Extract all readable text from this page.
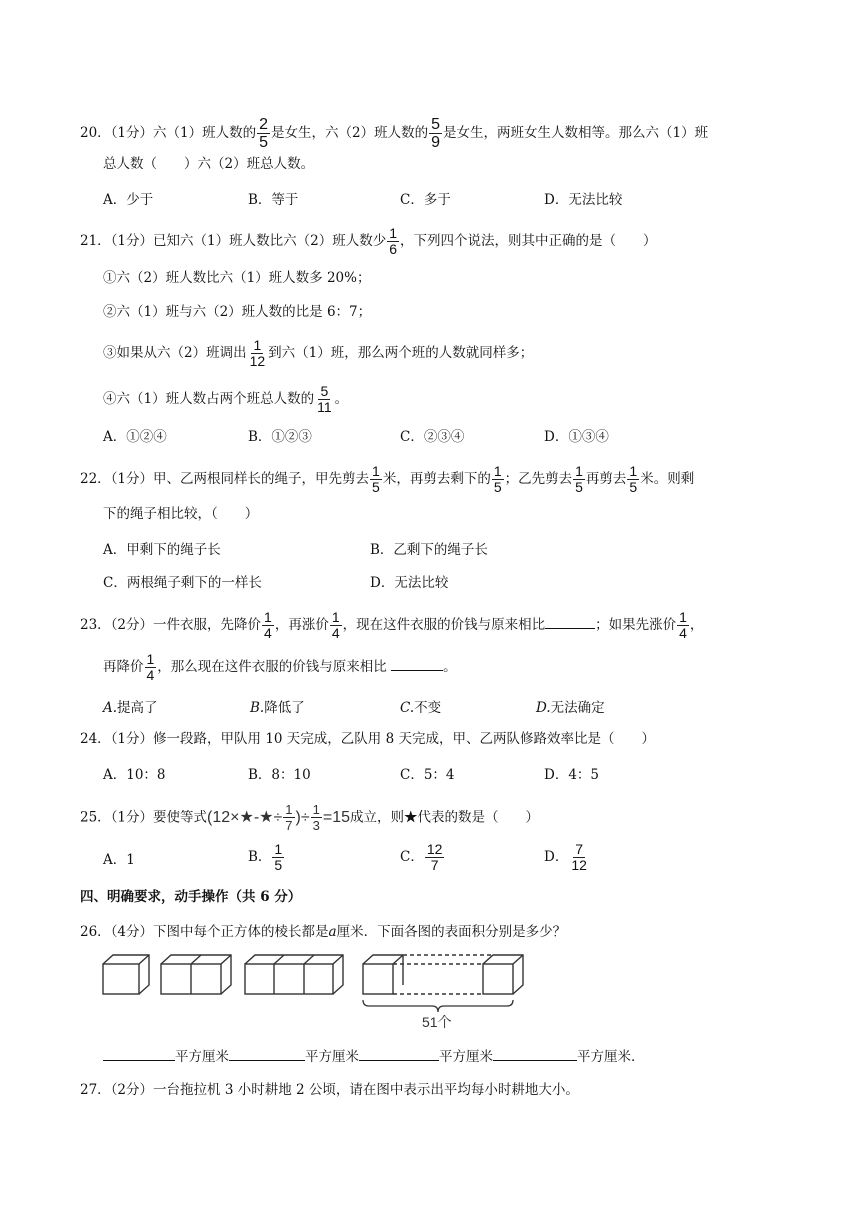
20．（1分）六（1）班人数的 $\frac{2}{5}$ 是女生，六（2）班人数的 $\frac{5}{9}$ 是女生，两班女生人数相等。那么六（1）班
总人数（　　）六（2）班总人数。
A．少于	B．等于	C．多于	D．无法比较
21．（1分）已知六（1）班人数比六（2）班人数少 $\frac{1}{6}$ ，下列四个说法，则其中正确的是（　　）
①六（2）班人数比六（1）班人数多 20%；
②六（1）班与六（2）班人数的比是 6：7；
③如果从六（2）班调出 $\frac{1}{12}$ 到六（1）班，那么两个班的人数就同样多；
④六（1）班人数占两个班总人数的 $\frac{5}{11}$ 。
A．①②④	B．①②③	C．②③④	D．①③④
22．（1分）甲、乙两根同样长的绳子，甲先剪去 $\frac{1}{5}$ 米，再剪去剩下的 $\frac{1}{5}$ ；乙先剪去 $\frac{1}{5}$ 再剪去 $\frac{1}{5}$ 米。则剩
下的绳子相比较，（　　）
A．甲剩下的绳子长	B．乙剩下的绳子长
C．两根绳子剩下的一样长	D．无法比较
23．（2分）一件衣服，先降价 $\frac{1}{4}$ ，再涨价 $\frac{1}{4}$ ，现在这件衣服的价钱与原来相比	；如果先涨价 $\frac{1}{4}$ ，
再降价 $\frac{1}{4}$ ，那么现在这件衣服的价钱与原来相比	。
A.提高了	B.降低了	C.不变	D.无法确定
24．（1分）修一段路，甲队用 10 天完成，乙队用 8 天完成，甲、乙两队修路效率比是（　　）
A．10：8	B．8：10	C．5：4	D．4：5
25．（1分）要使等式(12×★-★÷ $\frac{1}{7}$ )÷ $\frac{1}{3} =15$成立，则★代表的数是（　　）
A．1	B． $\frac{1}{5}$	C． $\frac{12}{7}$	D． $\frac{7}{12}$
四、明确要求，动手操作（共 6 分）
26．（4分）下图中每个正方体的棱长都是a厘米．下面各图的表面积分别是多少？
51个
平方厘米	平方厘米	平方厘米	平方厘米．
27．（2分）一台拖拉机 3 小时耕地 2 公顷，请在图中表示出平均每小时耕地大小。
